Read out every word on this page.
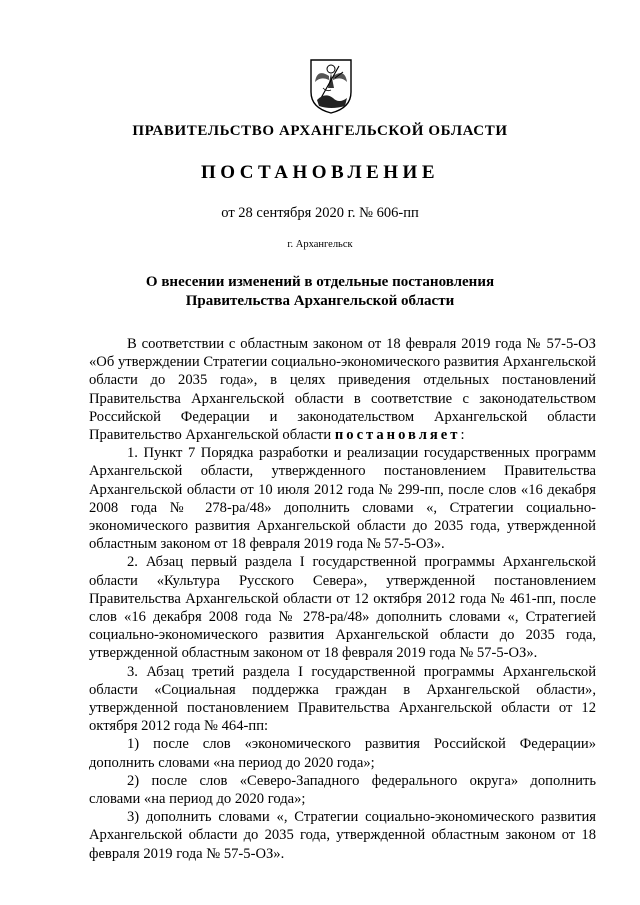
ПРАВИТЕЛЬСТВО АРХАНГЕЛЬСКОЙ ОБЛАСТИ
ПОСТАНОВЛЕНИЕ
от 28 сентября 2020 г. № 606-пп
г. Архангельск
О внесении изменений в отдельные постановления
Правительства Архангельской области

В соответствии с областным законом от 18 февраля 2019 года № 57-5-ОЗ «Об утверждении Стратегии социально-экономического развития Архангельской области до 2035 года», в целях приведения отдельных постановлений Правительства Архангельской области в соответствие с законодательством Российской Федерации и законодательством Архангельской области Правительство Архангельской области постановляет:

1. Пункт 7 Порядка разработки и реализации государственных программ Архангельской области, утвержденного постановлением Правительства Архангельской области от 10 июля 2012 года № 299-пп, после слов «16 декабря 2008 года № 278-ра/48» дополнить словами «, Стратегии социально-экономического развития Архангельской области до 2035 года, утвержденной областным законом от 18 февраля 2019 года № 57-5-ОЗ».

2. Абзац первый раздела I государственной программы Архангельской области «Культура Русского Севера», утвержденной постановлением Правительства Архангельской области от 12 октября 2012 года № 461-пп, после слов «16 декабря 2008 года № 278-ра/48» дополнить словами «, Стратегией социально-экономического развития Архангельской области до 2035 года, утвержденной областным законом от 18 февраля 2019 года № 57-5-ОЗ».

3. Абзац третий раздела I государственной программы Архангельской области «Социальная поддержка граждан в Архангельской области», утвержденной постановлением Правительства Архангельской области от 12 октября 2012 года № 464-пп:

1) после слов «экономического развития Российской Федерации» дополнить словами «на период до 2020 года»;

2) после слов «Северо-Западного федерального округа» дополнить словами «на период до 2020 года»;

3) дополнить словами «, Стратегии социально-экономического развития Архангельской области до 2035 года, утвержденной областным законом от 18 февраля 2019 года № 57-5-ОЗ».
